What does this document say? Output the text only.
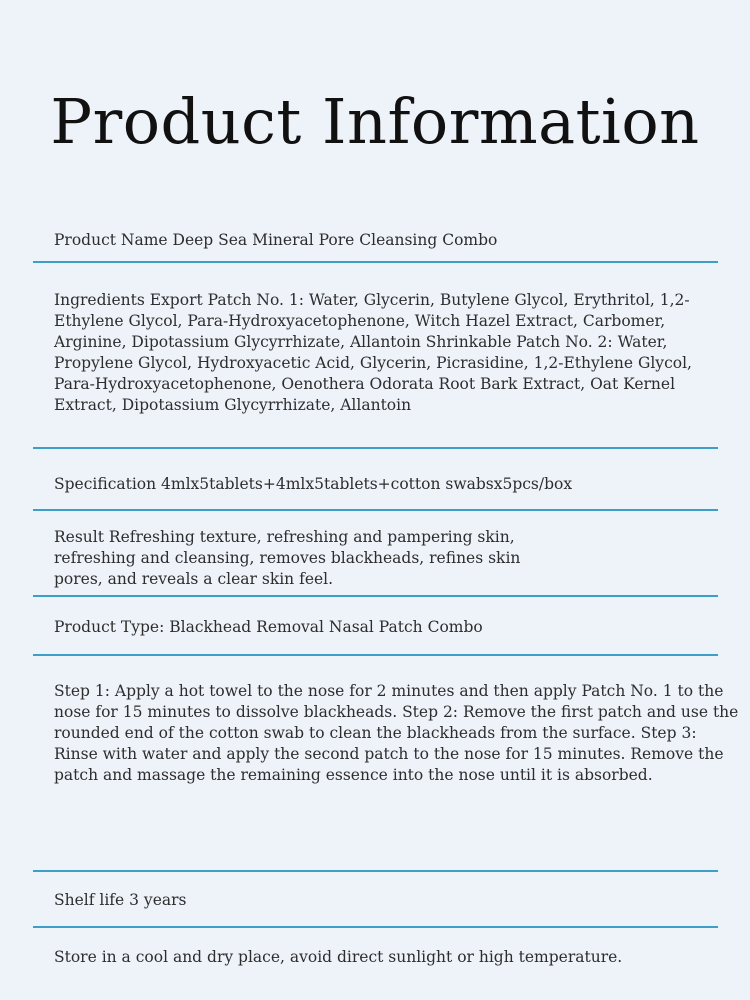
Product Information
Product Name Deep Sea Mineral Pore Cleansing Combo
Ingredients Export Patch No. 1: Water, Glycerin, Butylene Glycol, Erythritol, 1,2-Ethylene Glycol, Para-Hydroxyacetophenone, Witch Hazel Extract, Carbomer, Arginine, Dipotassium Glycyrrhizate, Allantoin Shrinkable Patch No. 2: Water, Propylene Glycol, Hydroxyacetic Acid, Glycerin, Picrasidine, 1,2-Ethylene Glycol, Para-Hydroxyacetophenone, Oenothera Odorata Root Bark Extract, Oat Kernel Extract, Dipotassium Glycyrrhizate, Allantoin
Specification 4mlx5tablets+4mlx5tablets+cotton swabsx5pcs/box
Result Refreshing texture, refreshing and pampering skin, refreshing and cleansing, removes blackheads, refines skin pores, and reveals a clear skin feel.
Product Type: Blackhead Removal Nasal Patch Combo
Step 1: Apply a hot towel to the nose for 2 minutes and then apply Patch No. 1 to the nose for 15 minutes to dissolve blackheads. Step 2: Remove the first patch and use the rounded end of the cotton swab to clean the blackheads from the surface. Step 3: Rinse with water and apply the second patch to the nose for 15 minutes. Remove the patch and massage the remaining essence into the nose until it is absorbed.
Shelf life 3 years
Store in a cool and dry place, avoid direct sunlight or high temperature.
